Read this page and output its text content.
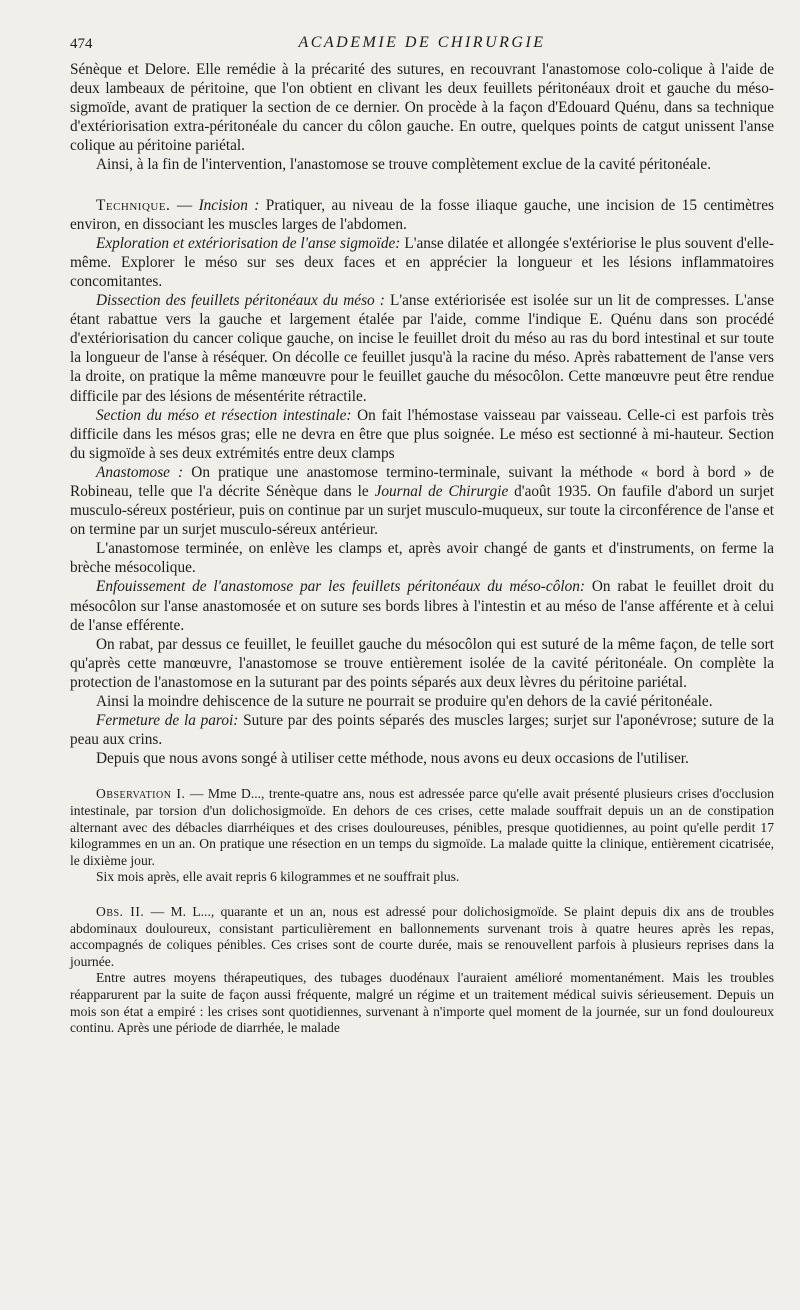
474	ACADEMIE DE CHIRURGIE

Sénèque et Delore. Elle remédie à la précarité des sutures, en recouvrant l'anastomose colo-colique à l'aide de deux lambeaux de péritoine, que l'on obtient en clivant les deux feuillets péritonéaux droit et gauche du méso-sigmoïde, avant de pratiquer la section de ce dernier. On procède à la façon d'Edouard Quénu, dans sa technique d'extériorisation extra-péritonéale du cancer du côlon gauche. En outre, quelques points de catgut unissent l'anse colique au péritoine pariétal.

Ainsi, à la fin de l'intervention, l'anastomose se trouve complètement exclue de la cavité péritonéale.

Technique. — Incision : Pratiquer, au niveau de la fosse iliaque gauche, une incision de 15 centimètres environ, en dissociant les muscles larges de l'abdomen.

Exploration et extériorisation de l'anse sigmoïde: L'anse dilatée et allongée s'extériorise le plus souvent d'elle-même. Explorer le méso sur ses deux faces et en apprécier la longueur et les lésions inflammatoires concomitantes.

Dissection des feuillets péritonéaux du méso : L'anse extériorisée est isolée sur un lit de compresses. L'anse étant rabattue vers la gauche et largement étalée par l'aide, comme l'indique E. Quénu dans son procédé d'extériorisation du cancer colique gauche, on incise le feuillet droit du méso au ras du bord intestinal et sur toute la longueur de l'anse à réséquer. On décolle ce feuillet jusqu'à la racine du méso. Après rabattement de l'anse vers la droite, on pratique la même manœuvre pour le feuillet gauche du mésocôlon. Cette manœuvre peut être rendue difficile par des lésions de mésentérite rétractile.

Section du méso et résection intestinale: On fait l'hémostase vaisseau par vaisseau. Celle-ci est parfois très difficile dans les mésos gras; elle ne devra en être que plus soignée. Le méso est sectionné à mi-hauteur. Section du sigmoïde à ses deux extrémités entre deux clamps

Anastomose : On pratique une anastomose termino-terminale, suivant la méthode « bord à bord » de Robineau, telle que l'a décrite Sénèque dans le Journal de Chirurgie d'août 1935. On faufile d'abord un surjet musculo-séreux postérieur, puis on continue par un surjet musculo-muqueux, sur toute la circonférence de l'anse et on termine par un surjet musculo-séreux antérieur.

L'anastomose terminée, on enlève les clamps et, après avoir changé de gants et d'instruments, on ferme la brèche mésocolique.

Enfouissement de l'anastomose par les feuillets péritonéaux du méso-côlon: On rabat le feuillet droit du mésocôlon sur l'anse anastomosée et on suture ses bords libres à l'intestin et au méso de l'anse afférente et à celui de l'anse efférente.

On rabat, par dessus ce feuillet, le feuillet gauche du mésocôlon qui est suturé de la même façon, de telle sort qu'après cette manœuvre, l'anastomose se trouve entièrement isolée de la cavité péritonéale. On complète la protection de l'anastomose en la suturant par des points séparés aux deux lèvres du péritoine pariétal.

Ainsi la moindre dehiscence de la suture ne pourrait se produire qu'en dehors de la cavié péritonéale.

Fermeture de la paroi: Suture par des points séparés des muscles larges; surjet sur l'aponévrose; suture de la peau aux crins.

Depuis que nous avons songé à utiliser cette méthode, nous avons eu deux occasions de l'utiliser.

Observation I. — Mme D..., trente-quatre ans, nous est adressée parce qu'elle avait présenté plusieurs crises d'occlusion intestinale, par torsion d'un dolichosigmoïde. En dehors de ces crises, cette malade souffrait depuis un an de constipation alternant avec des débacles diarrhéiques et des crises douloureuses, pénibles, presque quotidiennes, au point qu'elle perdit 17 kilogrammes en un an. On pratique une résection en un temps du sigmoïde. La malade quitte la clinique, entièrement cicatrisée, le dixième jour.

Six mois après, elle avait repris 6 kilogrammes et ne souffrait plus.

Obs. II. — M. L..., quarante et un an, nous est adressé pour dolichosigmoïde. Se plaint depuis dix ans de troubles abdominaux douloureux, consistant particulièrement en ballonnements survenant trois à quatre heures après les repas, accompagnés de coliques pénibles. Ces crises sont de courte durée, mais se renouvellent parfois à plusieurs reprises dans la journée.

Entre autres moyens thérapeutiques, des tubages duodénaux l'auraient amélioré momentanément. Mais les troubles réapparurent par la suite de façon aussi fréquente, malgré un régime et un traitement médical suivis sérieusement. Depuis un mois son état a empiré : les crises sont quotidiennes, survenant à n'importe quel moment de la journée, sur un fond douloureux continu. Après une période de diarrhée, le malade
